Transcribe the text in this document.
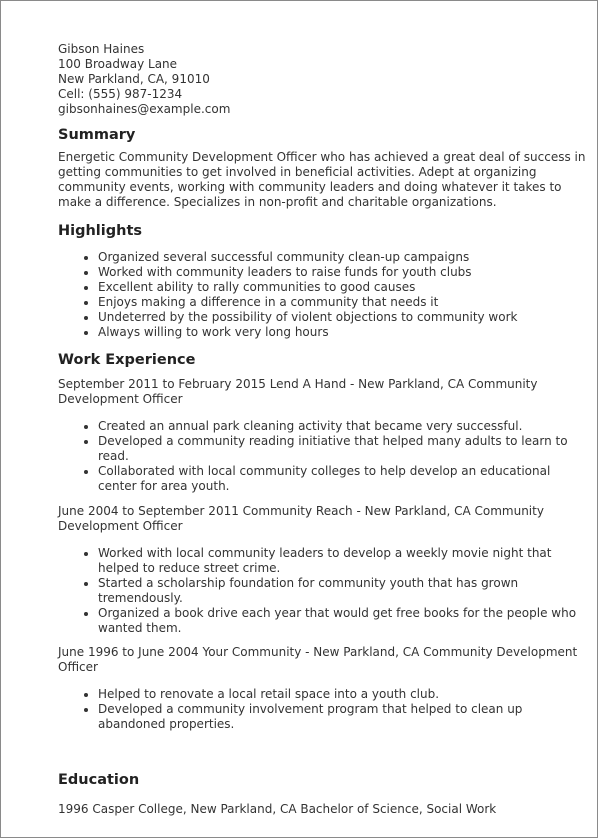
Gibson Haines
100 Broadway Lane
New Parkland, CA, 91010
Cell: (555) 987-1234
gibsonhaines@example.com
Summary

Energetic Community Development Officer who has achieved a great deal of success in getting communities to get involved in beneficial activities. Adept at organizing community events, working with community leaders and doing whatever it takes to make a difference. Specializes in non-profit and charitable organizations.

Highlights
• Organized several successful community clean-up campaigns
• Worked with community leaders to raise funds for youth clubs
• Excellent ability to rally communities to good causes
• Enjoys making a difference in a community that needs it
• Undeterred by the possibility of violent objections to community work
• Always willing to work very long hours
Work Experience

September 2011 to February 2015 Lend A Hand - New Parkland, CA Community Development Officer

• Created an annual park cleaning activity that became very successful.
• Developed a community reading initiative that helped many adults to learn to read.
• Collaborated with local community colleges to help develop an educational center for area youth.

June 2004 to September 2011 Community Reach - New Parkland, CA Community Development Officer

• Worked with local community leaders to develop a weekly movie night that helped to reduce street crime.
• Started a scholarship foundation for community youth that has grown tremendously.
• Organized a book drive each year that would get free books for the people who wanted them.

June 1996 to June 2004 Your Community - New Parkland, CA Community Development Officer

• Helped to renovate a local retail space into a youth club.
• Developed a community involvement program that helped to clean up abandoned properties.
Education

1996 Casper College, New Parkland, CA Bachelor of Science, Social Work
